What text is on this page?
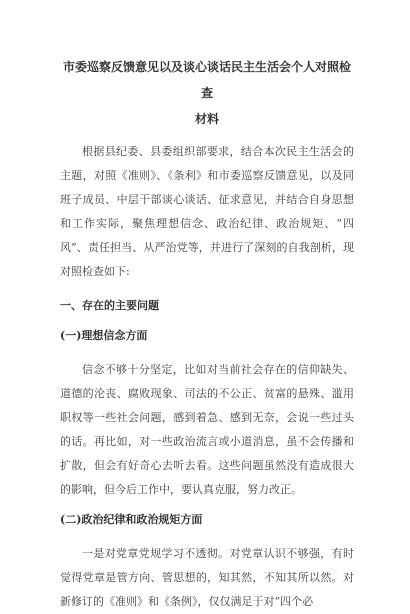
市委巡察反馈意见以及谈心谈话民主生活会个人对照检查
材料

根据县纪委、县委组织部要求，结合本次民主生活会的主题，对照《准则》、《条利》和市委巡察反馈意见，以及同班子成员、中层干部谈心谈话、征求意见，并结合自身思想和工作实际，聚焦理想信念、政治纪律、政治规矩、“四风”、责任担当、从严治党等，并进行了深刻的自我剖析，现对照检查如下:

一、存在的主要问题
(一)理想信念方面

信念不够十分坚定，比如对当前社会存在的信仰缺失、道德的沦丧、腐败现象、司法的不公正、贫富的悬殊、滥用职权等一些社会问题，感到着急、感到无奈，会说一些过头的话。再比如，对一些政治流言或小道消息，虽不会传播和扩散，但会有好奇心去听去看。这些问题虽然没有造成很大的影响，但今后工作中，要认真克服，努力改正。

(二)政治纪律和政治规矩方面

一是对党章党规学习不透彻。对党章认识不够强，有时觉得党章是管方向、管思想的，知其然，不知其所以然。对新修订的《准则》和《条例》，仅仅满足于对“四个必
